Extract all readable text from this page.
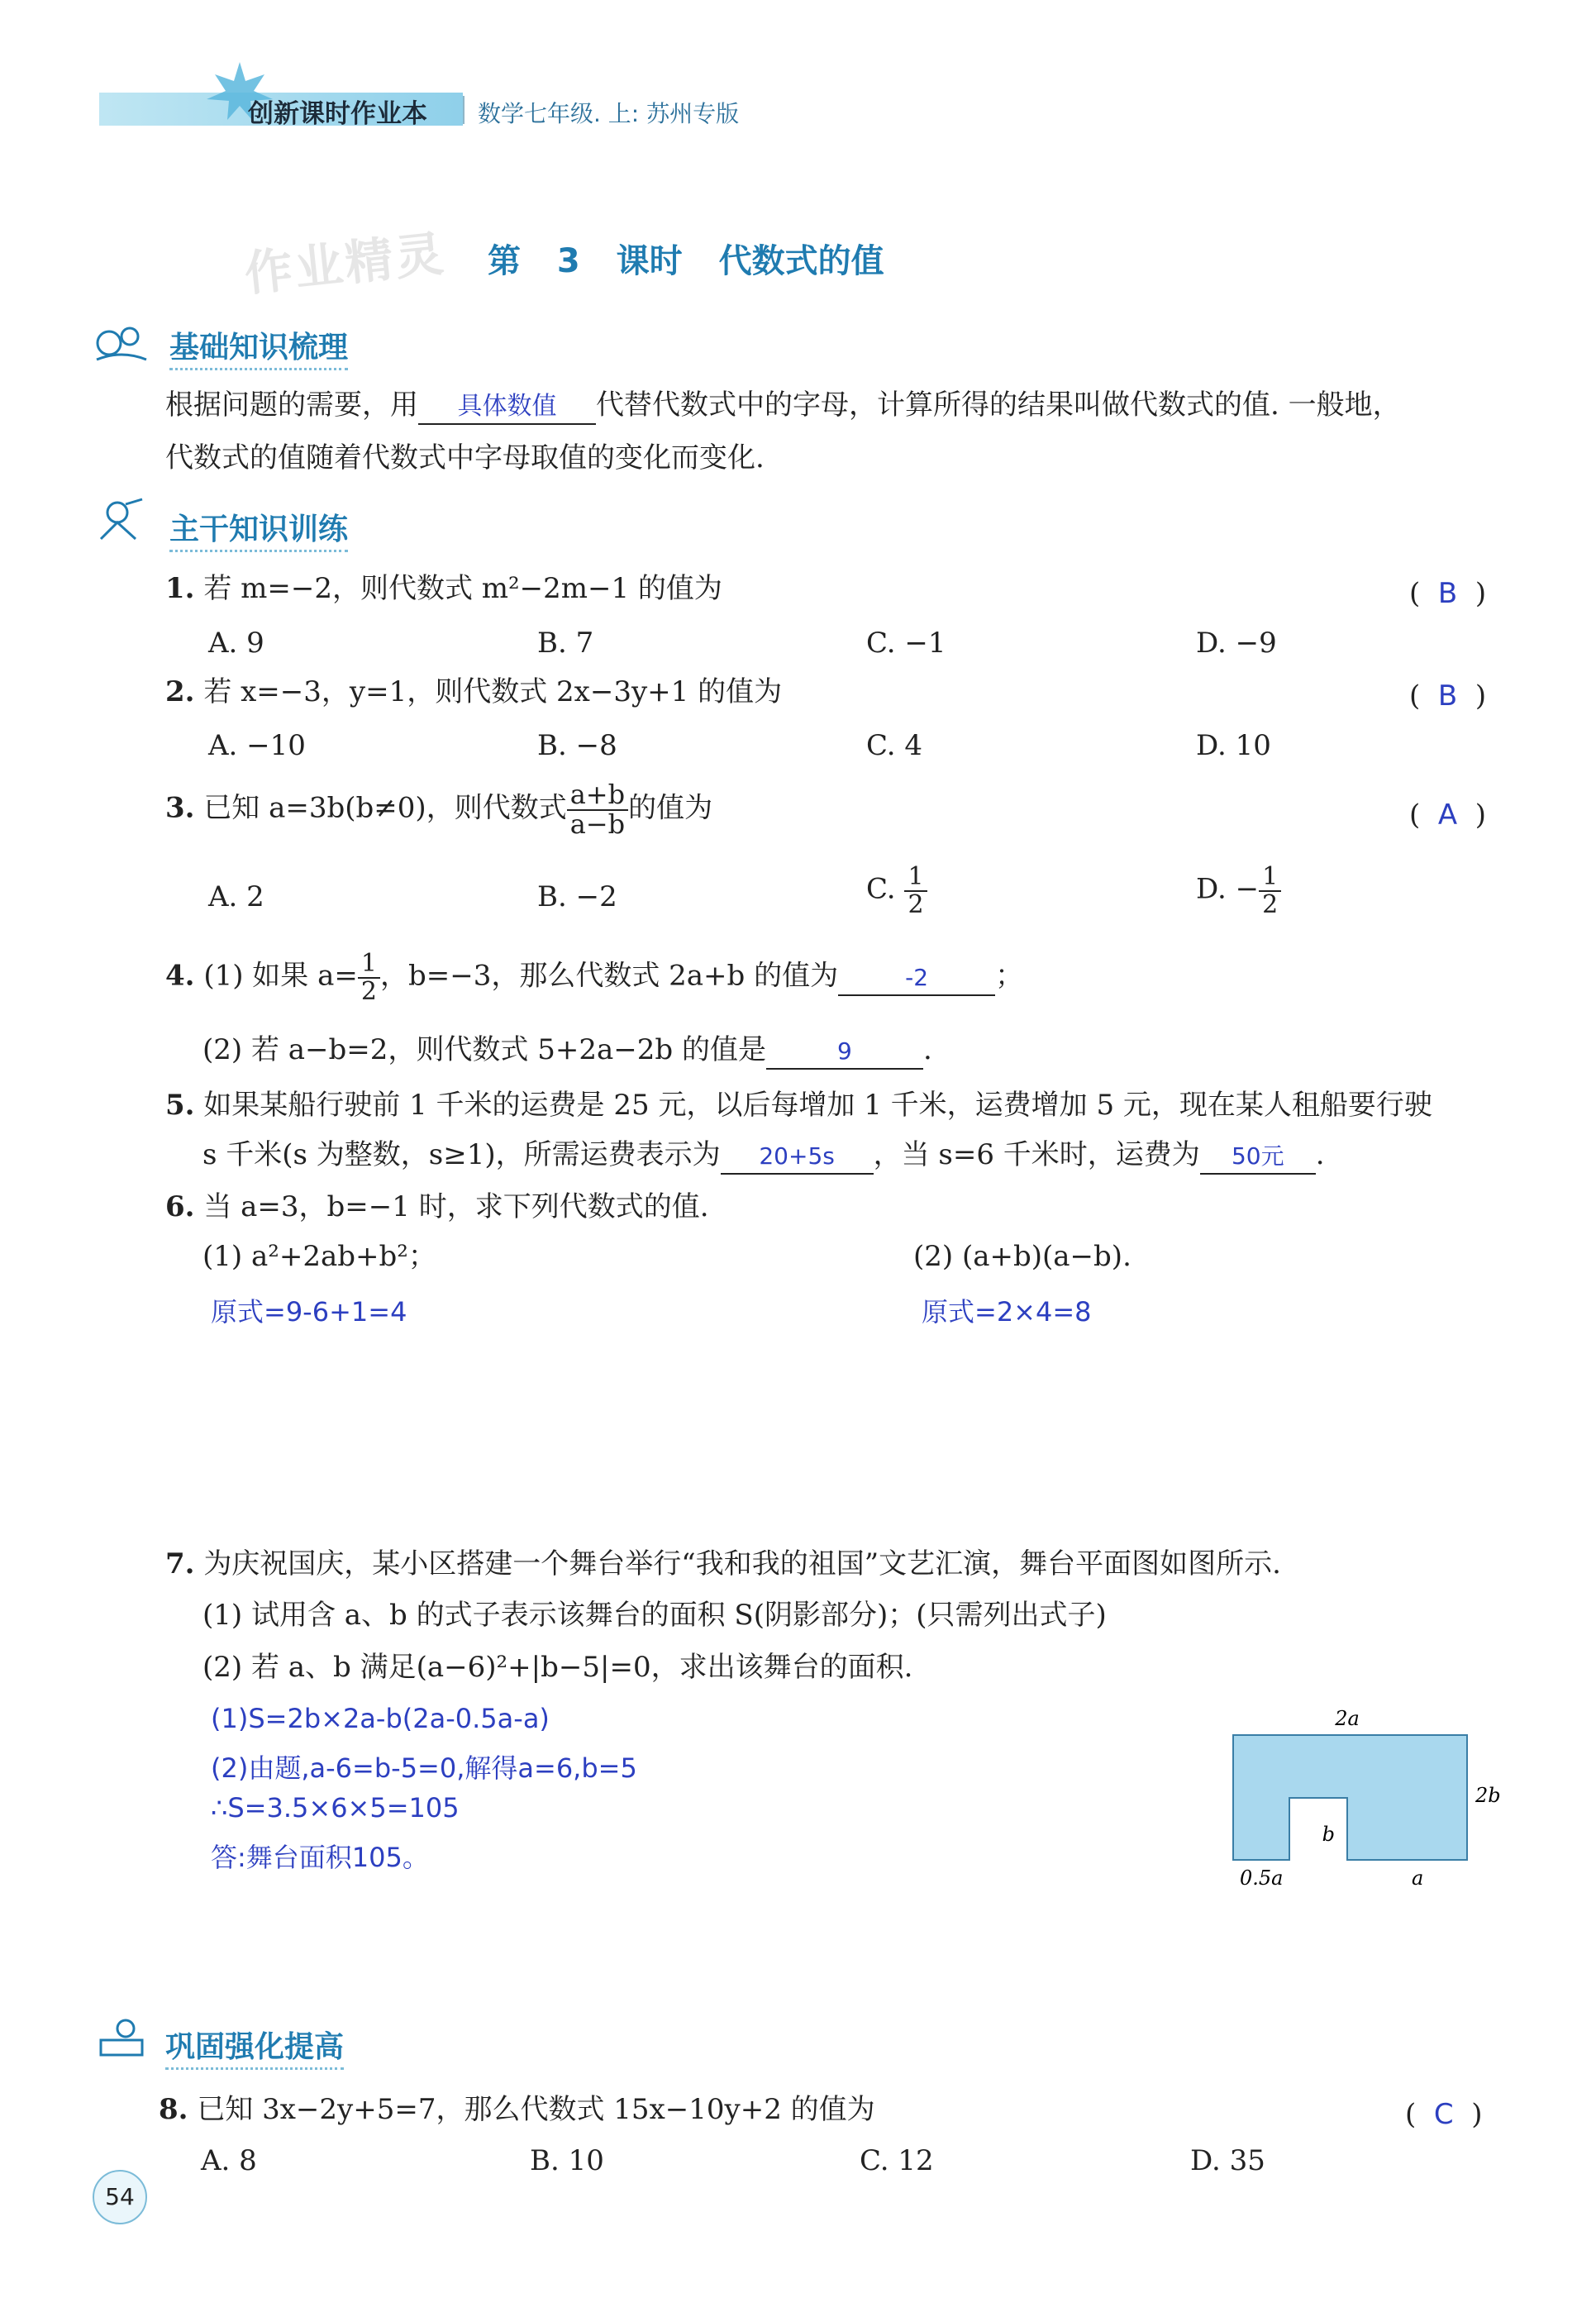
创新课时作业本 数学七年级. 上: 苏州专版
作业精灵 第 3 课时 代数式的值
基础知识梳理
根据问题的需要，用 具体数值 代替代数式中的字母，计算所得的结果叫做代数式的值. 一般地，
代数式的值随着代数式中字母取值的变化而变化.
主干知识训练
1. 若 m=−2，则代数式 m²−2m−1 的值为	(  B  )
A. 9	B. 7	C. −1	D. −9
2. 若 x=−3，y=1，则代数式 2x−3y+1 的值为	(  B  )
A. −10	B. −8	C. 4	D. 10
3. 已知 a=3b(b≠0)，则代数式 $\frac{a+b}{a-b}$ 的值为	(  A  )
A. 2	B. −2	C. $\frac{1}{2}$	D. − $\frac{1}{2}$
4. (1) 如果 $a= \frac{1}{2}$ ，b=−3，那么代数式 2a+b 的值为	-2 ；
(2) 若 a−b=2，则代数式 5+2a−2b 的值是	9	.
5. 如果某船行驶前 1 千米的运费是 25 元，以后每增加 1 千米，运费增加 5 元，现在某人租船要行驶
s 千米(s 为整数，s≥1)，所需运费表示为 20+5s ，当 s=6 千米时，运费为 50元 .
6. 当 a=3，b=−1 时，求下列代数式的值.
(1) a²+2ab+b²；	(2) (a+b)(a−b).
原式=9-6+1=4	原式=2×4=8
7. 为庆祝国庆，某小区搭建一个舞台举行“我和我的祖国”文艺汇演，舞台平面图如图所示.
(1) 试用含 a、b 的式子表示该舞台的面积 S(阴影部分)；(只需列出式子)
(2) 若 a、b 满足(a−6)²+|b−5|=0，求出该舞台的面积.
(1)S=2b×2a-b(2a-0.5a-a)
(2)由题,a-6=b-5=0,解得a=6,b=5
∴S=3.5×6×5=105
答:舞台面积105。
2a
2b
b
0.5a	a
巩固强化提高
8. 已知 3x−2y+5=7，那么代数式 15x−10y+2 的值为	(  C  )
A. 8	B. 10	C. 12	D. 35
54
